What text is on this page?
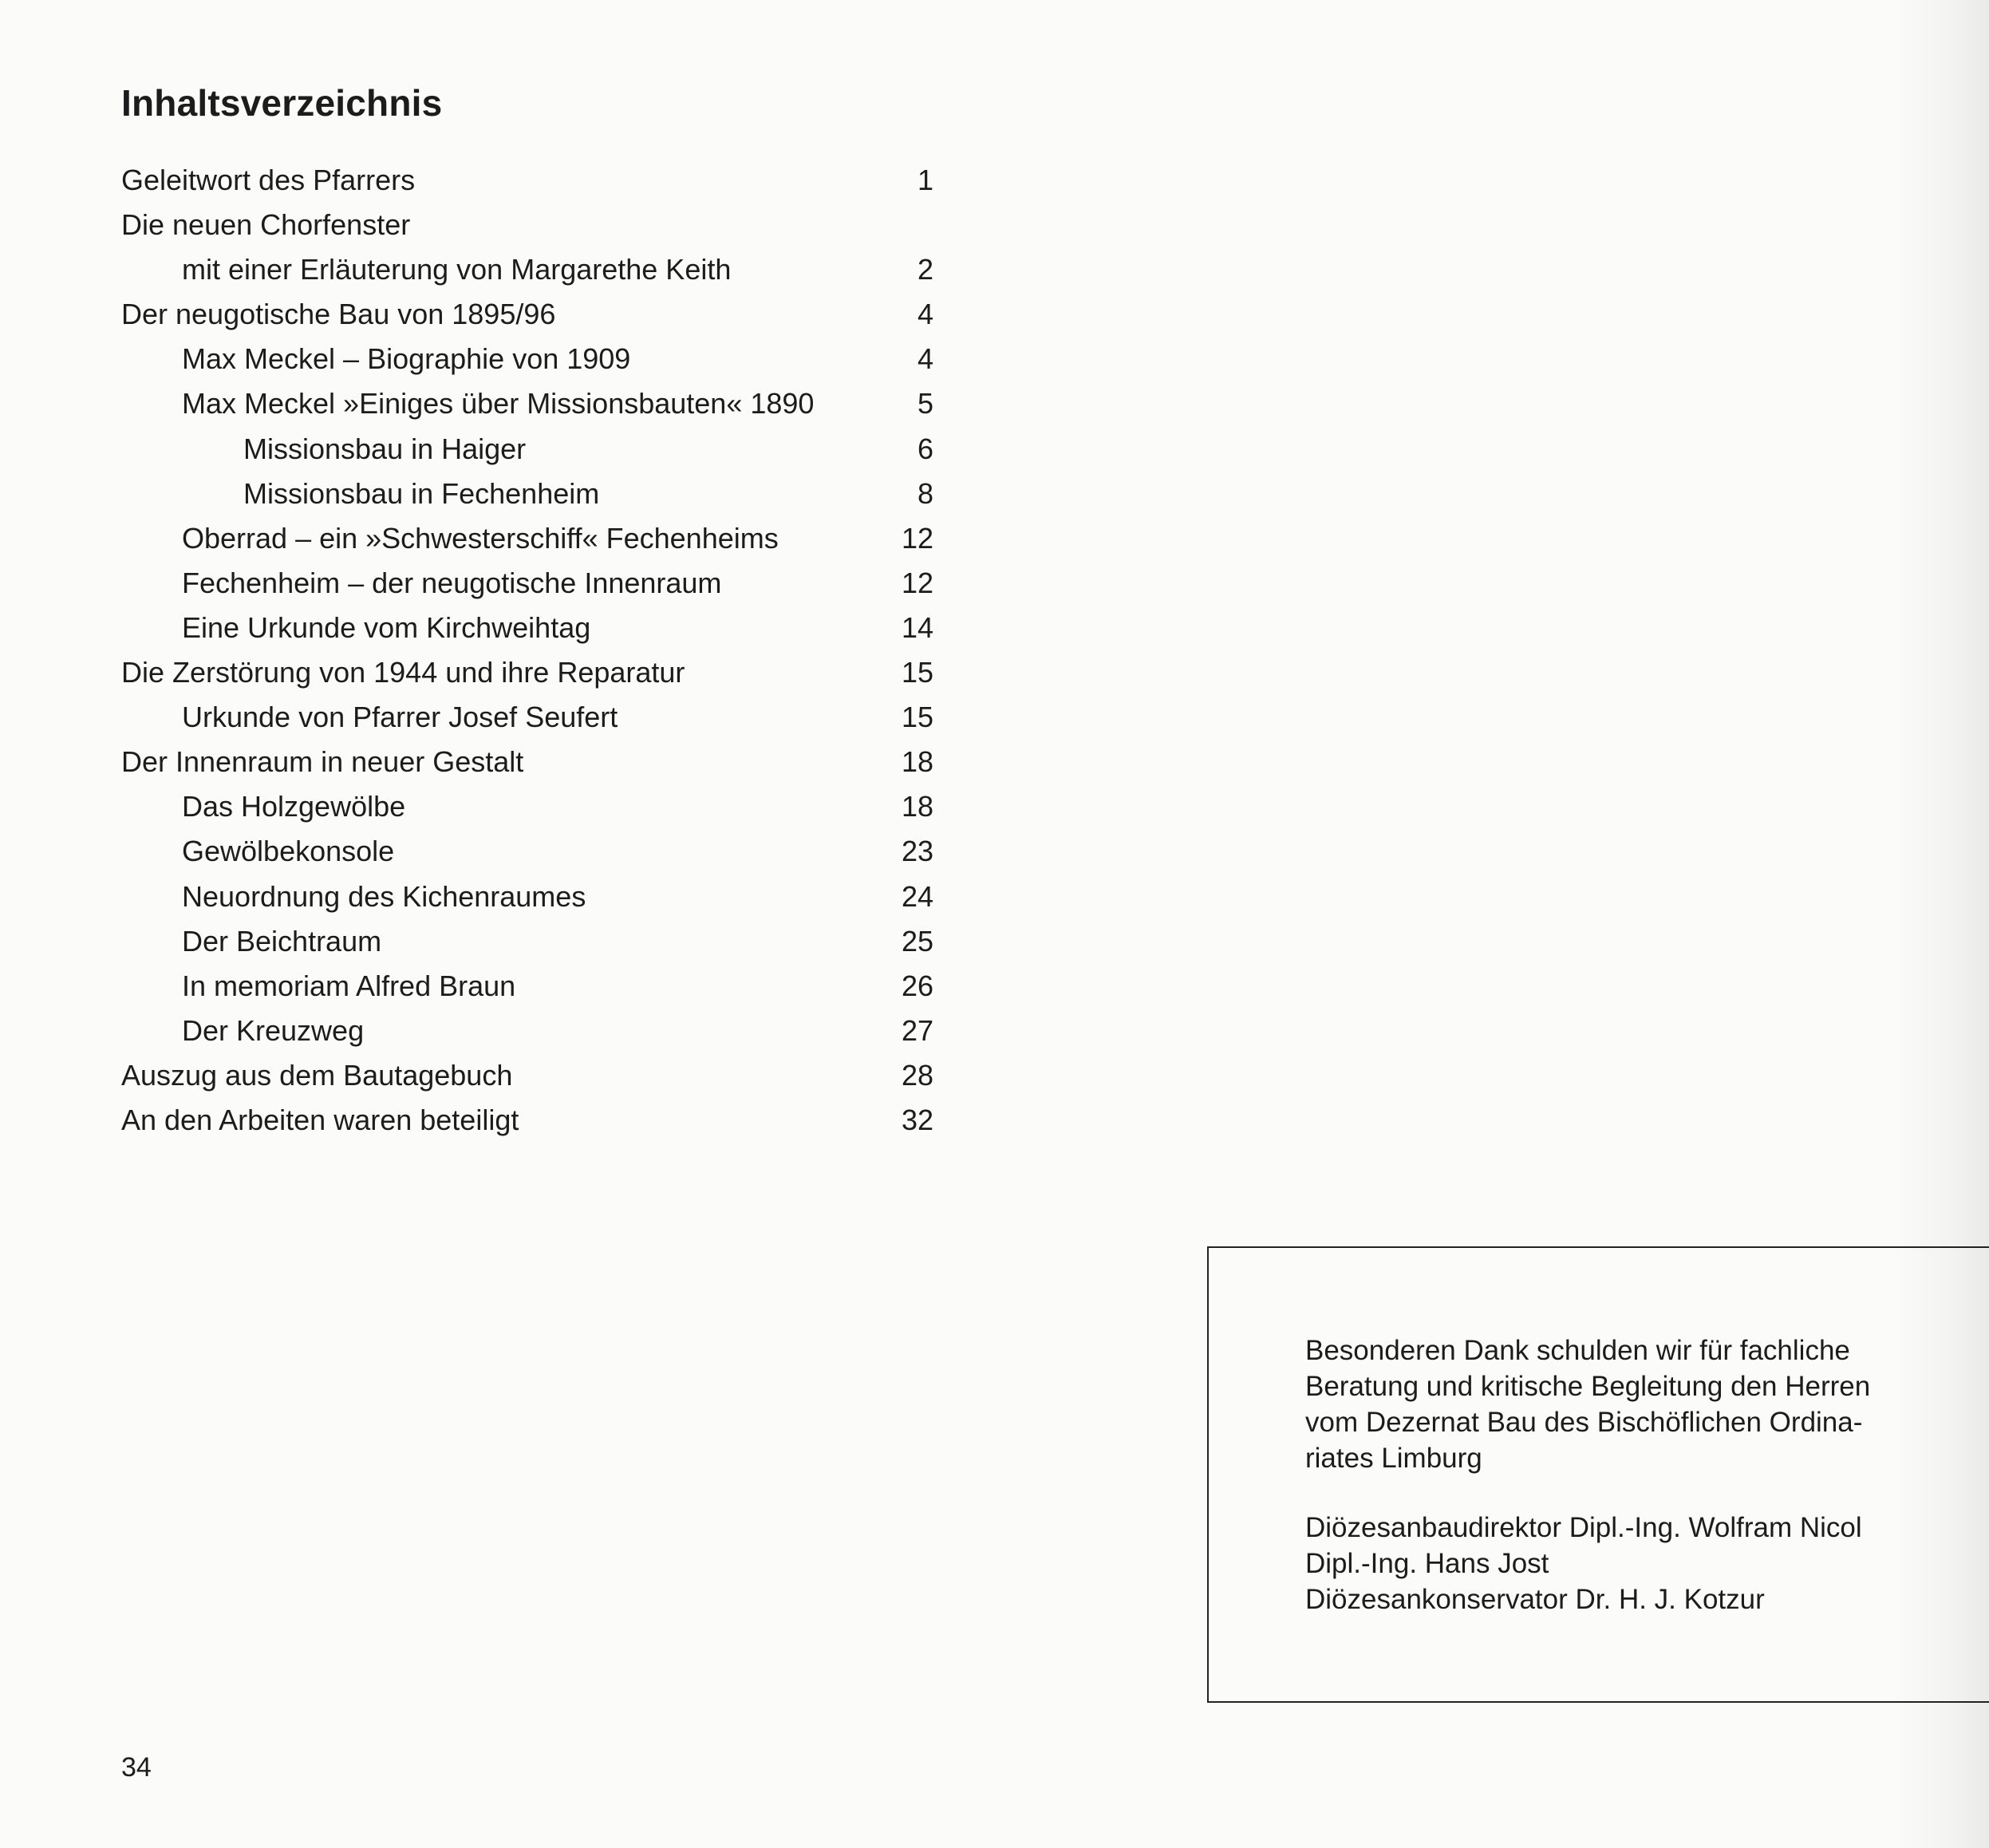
Inhaltsverzeichnis
Geleitwort des Pfarrers	1
Die neuen Chorfenster
mit einer Erläuterung von Margarethe Keith	2
Der neugotische Bau von 1895/96	4
Max Meckel – Biographie von 1909	4
Max Meckel »Einiges über Missionsbauten« 1890	5
Missionsbau in Haiger	6
Missionsbau in Fechenheim	8
Oberrad – ein »Schwesterschiff« Fechenheims	12
Fechenheim – der neugotische Innenraum	12
Eine Urkunde vom Kirchweihtag	14
Die Zerstörung von 1944 und ihre Reparatur	15
Urkunde von Pfarrer Josef Seufert	15
Der Innenraum in neuer Gestalt	18
Das Holzgewölbe	18
Gewölbekonsole	23
Neuordnung des Kichenraumes	24
Der Beichtraum	25
In memoriam Alfred Braun	26
Der Kreuzweg	27
Auszug aus dem Bautagebuch	28
An den Arbeiten waren beteiligt	32

Besonderen Dank schulden wir für fachliche

Beratung und kritische Begleitung den Herren

vom Dezernat Bau des Bischöflichen Ordina-

riates Limburg

Diözesanbaudirektor Dipl.-Ing. Wolfram Nicol

Dipl.-Ing. Hans Jost

Diözesankonservator Dr. H. J. Kotzur

34
